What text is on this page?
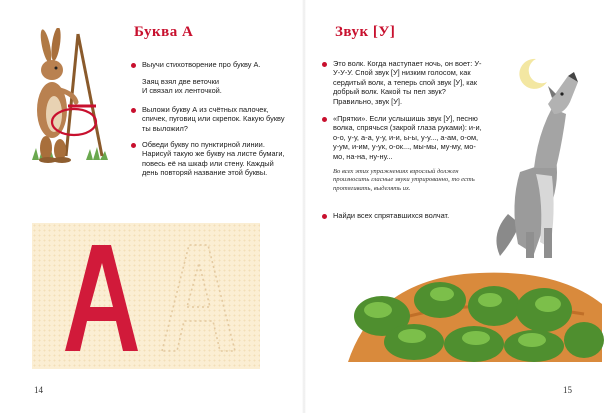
Буква А
Выучи стихотворение про букву А.
Заяц взял две веточки
И связал их ленточкой.
Выложи букву А из счётных палочек, спичек, пуговиц или скрепок. Какую букву ты выложил?
Обведи букву по пунктирной линии. Нарисуй такую же букву на листе бумаги, повесь её на шкаф или стену. Каждый день повторяй название этой буквы.
14
Звук [У]
Это волк. Когда наступает ночь, он воет: У-У-У-У. Спой звук [У] низким голосом, как сердитый волк, а теперь спой звук [У], как добрый волк. Какой ты пел звук? Правильно, звук [У].
«Прятки». Если услышишь звук [У], песню волка, спрячься (закрой глаза руками): и-и, о-о, у-у, а-а, у-у, и-и, ы-ы, у-у..., а-ам, о-ом, у-ум, и-им, у-ук, о-ок..., мы-мы, му-му, мо-мо, на-на, ну-ну...
Во всех этих упражнениях взрослый должен произносить гласные звуки утрированно, то есть протягивать, выделять их.
Найди всех спрятавшихся волчат.
15
